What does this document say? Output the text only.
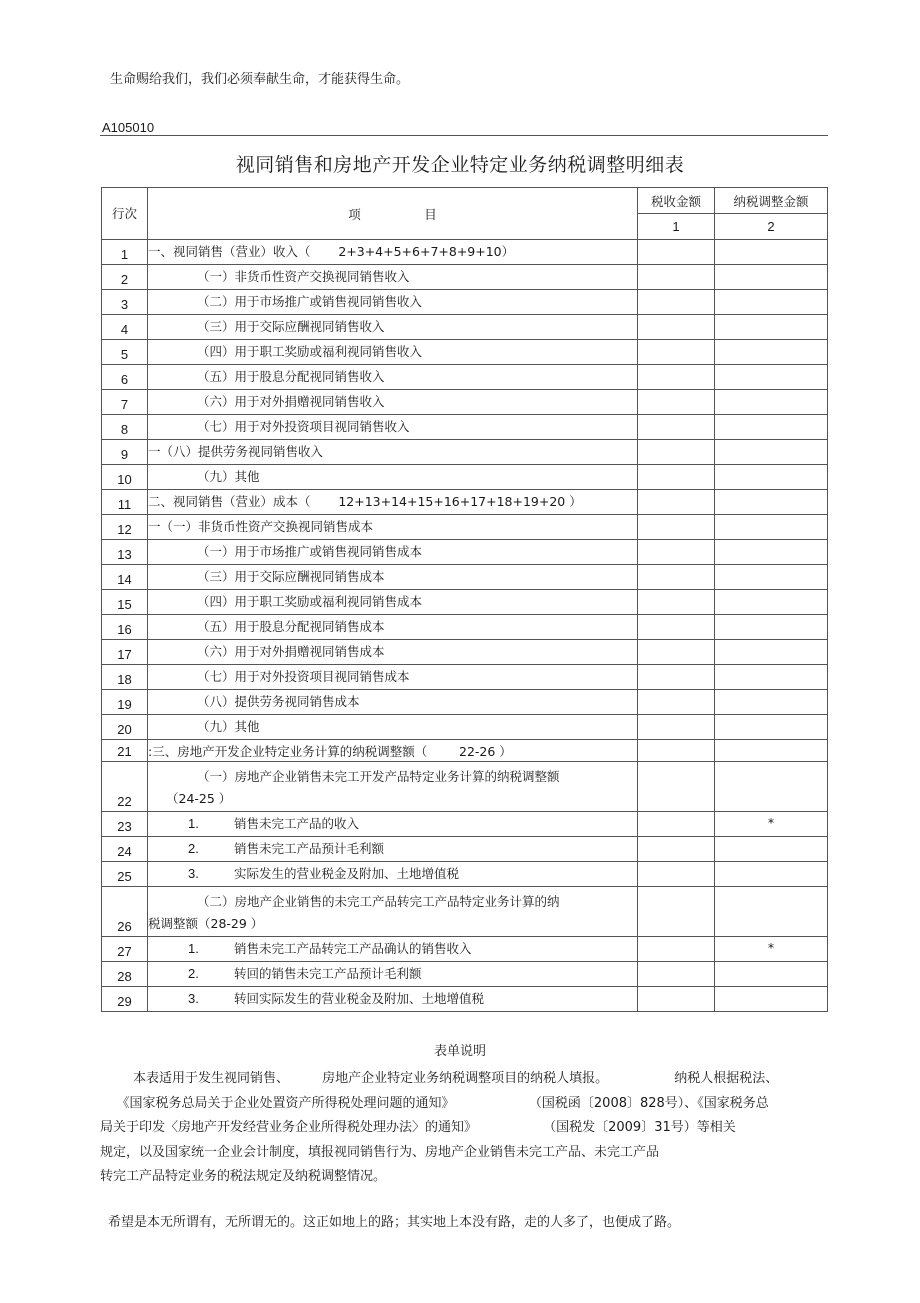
生命赐给我们，我们必须奉献生命，才能获得生命。
A105010
视同销售和房地产开发企业特定业务纳税调整明细表
行次	项                目	税收金额	纳税调整金额
		1	2
1	一、视同销售（营业）收入（       2+3+4+5+6+7+8+9+10）		
2	（一）非货币性资产交换视同销售收入		
3	（二）用于市场推广或销售视同销售收入		
4	（三）用于交际应酬视同销售收入		
5	（四）用于职工奖励或福利视同销售收入		
6	（五）用于股息分配视同销售收入		
7	（六）用于对外捐赠视同销售收入		
8	（七）用于对外投资项目视同销售收入		
9	一（八）提供劳务视同销售收入		
10	（九）其他		
11	二、视同销售（营业）成本（       12+13+14+15+16+17+18+19+20 ）		
12	一（一）非货币性资产交换视同销售成本		
13	（一）用于市场推广或销售视同销售成本		
14	（三）用于交际应酬视同销售成本		
15	（四）用于职工奖励或福利视同销售成本		
16	（五）用于股息分配视同销售成本		
17	（六）用于对外捐赠视同销售成本		
18	（七）用于对外投资项目视同销售成本		
19	（八）提供劳务视同销售成本		
20	（九）其他		
21	:三、房地产开发企业特定业务计算的纳税调整额（        22-26 ）		
22	（一）房地产企业销售未完工开发产品特定业务计算的纳税调整额
（24-25 ）		

23	1. 销售未完工产品的收入		*
24	2. 销售未完工产品预计毛利额		
25	3. 实际发生的营业税金及附加、土地增值税		
26	（二）房地产企业销售的未完工产品转完工产品特定业务计算的纳
税调整额（28-29 ）		

27	1. 销售未完工产品转完工产品确认的销售收入		*
28	2. 转回的销售未完工产品预计毛利额		
29	3. 转回实际发生的营业税金及附加、土地增值税		
表单说明
本表适用于发生视同销售、        房地产企业特定业务纳税调整项目的纳税人填报。                纳税人根据税法、
《国家税务总局关于企业处置资产所得税处理问题的通知》                  （国税函〔2008〕828号）、《国家税务总
局关于印发〈房地产开发经营业务企业所得税处理办法〉的通知》                （国税发〔2009〕31号）等相关
规定，以及国家统一企业会计制度，填报视同销售行为、房地产企业销售未完工产品、未完工产品
转完工产品特定业务的税法规定及纳税调整情况。
希望是本无所谓有，无所谓无的。这正如地上的路；其实地上本没有路，走的人多了，也便成了路。
